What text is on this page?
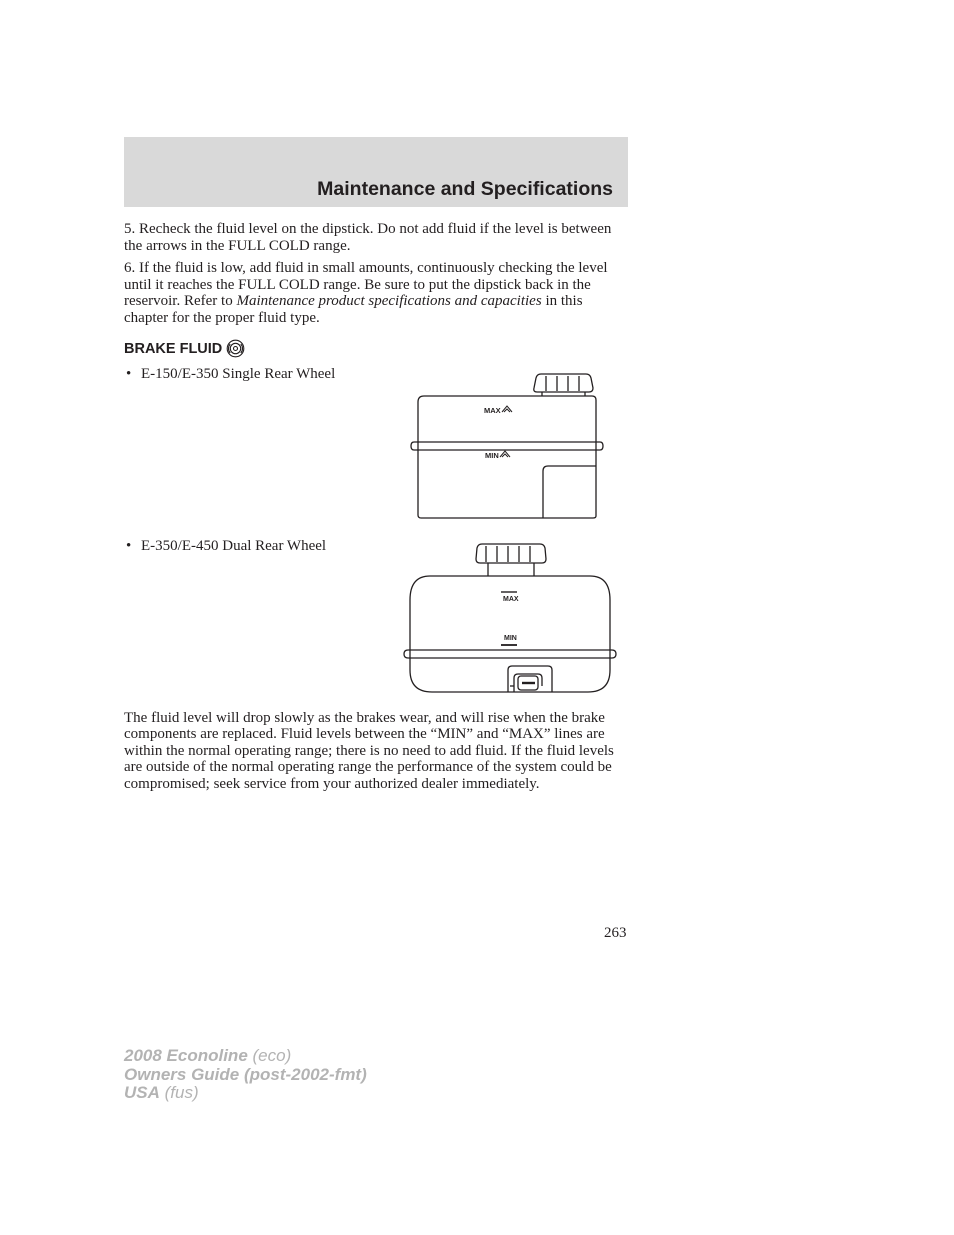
Maintenance and Specifications

5. Recheck the fluid level on the dipstick. Do not add fluid if the level is between the arrows in the FULL COLD range.

6. If the fluid is low, add fluid in small amounts, continuously checking the level until it reaches the FULL COLD range. Be sure to put the dipstick back in the reservoir. Refer to Maintenance product specifications and capacities in this chapter for the proper fluid type.

BRAKE FLUID

• E-150/E-350 Single Rear Wheel

MAX
MIN

• E-350/E-450 Dual Rear Wheel

MAX
MIN

The fluid level will drop slowly as the brakes wear, and will rise when the brake components are replaced. Fluid levels between the “MIN” and “MAX” lines are within the normal operating range; there is no need to add fluid. If the fluid levels are outside of the normal operating range the performance of the system could be compromised; seek service from your authorized dealer immediately.

263

2008 Econoline (eco)
Owners Guide (post-2002-fmt)
USA (fus)
